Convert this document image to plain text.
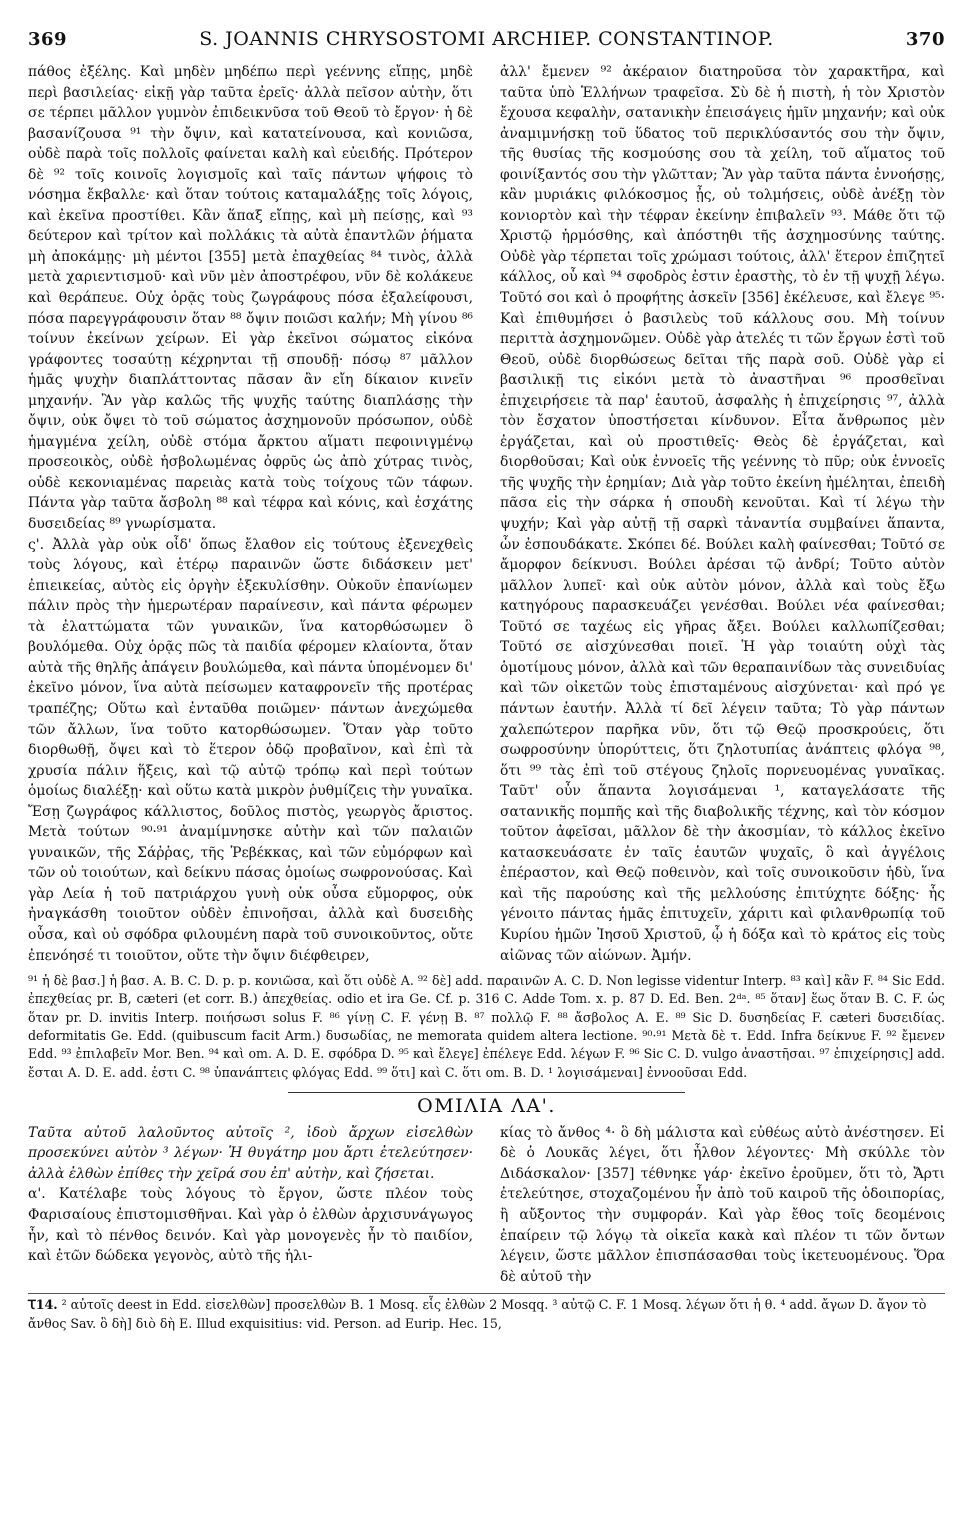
369	S. JOANNIS CHRYSOSTOMI ARCHIEP. CONSTANTINOP.	370

πάθος ἐξέλης. Καὶ μηδὲν μηδέπω περὶ γεέννης εἴπῃς, μηδὲ περὶ βασιλείας· εἰκῇ γὰρ ταῦτα ἐρεῖς· ἀλλὰ πεῖσον αὐτὴν, ὅτι σε τέρπει μᾶλλον γυμνὸν ἐπιδεικνῦσα τοῦ Θεοῦ τὸ ἔργον· ἡ δὲ βασανίζουσα ⁹¹ τὴν ὄψιν, καὶ κατατείνουσα, καὶ κονιῶσα, οὐδὲ παρὰ τοῖς πολλοῖς φαίνεται καλὴ καὶ εὐειδής. Πρότερον δὲ ⁹² τοῖς κοινοῖς λογισμοῖς καὶ ταῖς πάντων ψήφοις τὸ νόσημα ἔκβαλλε· καὶ ὅταν τούτοις καταμαλάξῃς τοῖς λόγοις, καὶ ἐκεῖνα προστίθει. Κἂν ἅπαξ εἴπῃς, καὶ μὴ πείσῃς, καὶ ⁹³ δεύτερον καὶ τρίτον καὶ πολλάκις τὰ αὐτὰ ἐπαντλῶν ῥήματα μὴ ἀποκάμῃς· μὴ μέντοι [355] μετὰ ἐπαχθείας ⁸⁴ τινὸς, ἀλλὰ μετὰ χαριεντισμοῦ· καὶ νῦν μὲν ἀποστρέφου, νῦν δὲ κολάκευε καὶ θεράπευε. Οὐχ ὁρᾷς τοὺς ζωγράφους πόσα ἐξαλείφουσι, πόσα παρεγγράφουσιν ὅταν ⁸⁸ ὄψιν ποιῶσι καλήν; Μὴ γίνου ⁸⁶ τοίνυν ἐκείνων χείρων. Εἰ γὰρ ἐκεῖνοι σώματος εἰκόνα γράφοντες τοσαύτῃ κέχρηνται τῇ σπουδῇ· πόσῳ ⁸⁷ μᾶλλον ἡμᾶς ψυχὴν διαπλάττοντας πᾶσαν ἂν εἴη δίκαιον κινεῖν μηχανήν. Ἂν γὰρ καλῶς τῆς ψυχῆς ταύτης διαπλάσῃς τὴν ὄψιν, οὐκ ὄψει τὸ τοῦ σώματος ἀσχημονοῦν πρόσωπον, οὐδὲ ἡμαγμένα χείλη, οὐδὲ στόμα ἄρκτου αἵματι πεφοινιγμένῳ προσεοικὸς, οὐδὲ ἠσβολωμένας ὀφρῦς ὡς ἀπὸ χύτρας τινὸς, οὐδὲ κεκονιαμένας παρειὰς κατὰ τοὺς τοίχους τῶν τάφων. Πάντα γὰρ ταῦτα ἄσβολη ⁸⁸ καὶ τέφρα καὶ κόνις, καὶ ἐσχάτης δυσειδείας ⁸⁹ γνωρίσματα.

ς'. Ἀλλὰ γὰρ οὐκ οἶδ' ὅπως ἔλαθον εἰς τούτους ἐξενεχθεὶς τοὺς λόγους, καὶ ἑτέρῳ παραινῶν ὥστε διδάσκειν μετ' ἐπιεικείας, αὐτὸς εἰς ὀργὴν ἐξεκυλίσθην. Οὐκοῦν ἐπανίωμεν πάλιν πρὸς τὴν ἡμερωτέραν παραίνεσιν, καὶ πάντα φέρωμεν τὰ ἐλαττώματα τῶν γυναικῶν, ἵνα κατορθώσωμεν ὃ βουλόμεθα. Οὐχ ὁρᾷς πῶς τὰ παιδία φέρομεν κλαίοντα, ὅταν αὐτὰ τῆς θηλῆς ἀπάγειν βουλώμεθα, καὶ πάντα ὑπομένομεν δι' ἐκεῖνο μόνον, ἵνα αὐτὰ πείσωμεν καταφρονεῖν τῆς προτέρας τραπέζης; Οὕτω καὶ ἐνταῦθα ποιῶμεν· πάντων ἀνεχώμεθα τῶν ἄλλων, ἵνα τοῦτο κατορθώσωμεν. Ὅταν γὰρ τοῦτο διορθωθῇ, ὄψει καὶ τὸ ἕτερον ὁδῷ προβαῖνον, καὶ ἐπὶ τὰ χρυσία πάλιν ἥξεις, καὶ τῷ αὐτῷ τρόπῳ καὶ περὶ τούτων ὁμοίως διαλέξῃ· καὶ οὕτω κατὰ μικρὸν ῥυθμίζεις τὴν γυναῖκα. Ἔσῃ ζωγράφος κάλλιστος, δοῦλος πιστὸς, γεωργὸς ἄριστος. Μετὰ τούτων ⁹⁰·⁹¹ ἀναμίμνησκε αὐτὴν καὶ τῶν παλαιῶν γυναικῶν, τῆς Σάῤῥας, τῆς Ῥεβέκκας, καὶ τῶν εὐμόρφων καὶ τῶν οὐ τοιούτων, καὶ δείκνυ πάσας ὁμοίως σωφρονούσας. Καὶ γὰρ Λεία ἡ τοῦ πατριάρχου γυνὴ οὐκ οὖσα εὔμορφος, οὐκ ἠναγκάσθη τοιοῦτον οὐδὲν ἐπινοῆσαι, ἀλλὰ καὶ δυσειδὴς οὖσα, καὶ οὐ σφόδρα φιλουμένη παρὰ τοῦ συνοικοῦντος, οὔτε ἐπενόησέ τι τοιοῦτον, οὔτε τὴν ὄψιν διέφθειρεν,

ἀλλ' ἔμενεν ⁹² ἀκέραιον διατηροῦσα τὸν χαρακτῆρα, καὶ ταῦτα ὑπὸ Ἑλλήνων τραφεῖσα. Σὺ δὲ ἡ πιστὴ, ἡ τὸν Χριστὸν ἔχουσα κεφαλὴν, σατανικὴν ἐπεισάγεις ἡμῖν μηχανήν; καὶ οὐκ ἀναμιμνήσκῃ τοῦ ὕδατος τοῦ περικλύσαντός σου τὴν ὄψιν, τῆς θυσίας τῆς κοσμούσης σου τὰ χείλη, τοῦ αἵματος τοῦ φοινίξαντός σου τὴν γλῶτταν; Ἂν γὰρ ταῦτα πάντα ἐννοήσῃς, κἂν μυριάκις φιλόκοσμος ᾖς, οὐ τολμήσεις, οὐδὲ ἀνέξῃ τὸν κονιορτὸν καὶ τὴν τέφραν ἐκείνην ἐπιβαλεῖν ⁹³. Μάθε ὅτι τῷ Χριστῷ ἡρμόσθης, καὶ ἀπόστηθι τῆς ἀσχημοσύνης ταύτης. Οὐδὲ γὰρ τέρπεται τοῖς χρώμασι τούτοις, ἀλλ' ἕτερον ἐπιζητεῖ κάλλος, οὗ καὶ ⁹⁴ σφοδρὸς ἐστιν ἐραστὴς, τὸ ἐν τῇ ψυχῇ λέγω. Τοῦτό σοι καὶ ὁ προφήτης ἀσκεῖν [356] ἐκέλευσε, καὶ ἔλεγε ⁹⁵· Καὶ ἐπιθυμήσει ὁ βασιλεὺς τοῦ κάλλους σου. Μὴ τοίνυν περιττὰ ἀσχημονῶμεν. Οὐδὲ γὰρ ἀτελές τι τῶν ἔργων ἐστὶ τοῦ Θεοῦ, οὐδὲ διορθώσεως δεῖται τῆς παρὰ σοῦ. Οὐδὲ γὰρ εἰ βασιλικῇ τις εἰκόνι μετὰ τὸ ἀναστῆναι ⁹⁶ προσθεῖναι ἐπιχειρήσειε τὰ παρ' ἑαυτοῦ, ἀσφαλὴς ἡ ἐπιχείρησις ⁹⁷, ἀλλὰ τὸν ἔσχατον ὑποστήσεται κίνδυνον. Εἶτα ἄνθρωπος μὲν ἐργάζεται, καὶ οὐ προστιθεῖς· Θεὸς δὲ ἐργάζεται, καὶ διορθοῦσαι; Καὶ οὐκ ἐννοεῖς τῆς γεέννης τὸ πῦρ; οὐκ ἐννοεῖς τῆς ψυχῆς τὴν ἐρημίαν; Διὰ γὰρ τοῦτο ἐκείνη ἠμέληται, ἐπειδὴ πᾶσα εἰς τὴν σάρκα ἡ σπουδὴ κενοῦται. Καὶ τί λέγω τὴν ψυχήν; Καὶ γὰρ αὐτῇ τῇ σαρκὶ τἀναντία συμβαίνει ἅπαντα, ὧν ἐσπουδάκατε. Σκόπει δέ. Βούλει καλὴ φαίνεσθαι; Τοῦτό σε ἄμορφον δείκνυσι. Βούλει ἀρέσαι τῷ ἀνδρί; Τοῦτο αὐτὸν μᾶλλον λυπεῖ· καὶ οὐκ αὐτὸν μόνον, ἀλλὰ καὶ τοὺς ἔξω κατηγόρους παρασκευάζει γενέσθαι. Βούλει νέα φαίνεσθαι; Τοῦτό σε ταχέως εἰς γῆρας ἄξει. Βούλει καλλωπίζεσθαι; Τοῦτό σε αἰσχύνεσθαι ποιεῖ. Ἡ γὰρ τοιαύτη οὐχὶ τὰς ὁμοτίμους μόνον, ἀλλὰ καὶ τῶν θεραπαινίδων τὰς συνειδυίας καὶ τῶν οἰκετῶν τοὺς ἐπισταμένους αἰσχύνεται· καὶ πρό γε πάντων ἑαυτήν. Ἀλλὰ τί δεῖ λέγειν ταῦτα; Τὸ γὰρ πάντων χαλεπώτερον παρῆκα νῦν, ὅτι τῷ Θεῷ προσκρούεις, ὅτι σωφροσύνην ὑπορύττεις, ὅτι ζηλοτυπίας ἀνάπτεις φλόγα ⁹⁸, ὅτι ⁹⁹ τὰς ἐπὶ τοῦ στέγους ζηλοῖς πορνευομένας γυναῖκας. Ταῦτ' οὖν ἅπαντα λογισάμεναι ¹, καταγελάσατε τῆς σατανικῆς πομπῆς καὶ τῆς διαβολικῆς τέχνης, καὶ τὸν κόσμον τοῦτον ἀφεῖσαι, μᾶλλον δὲ τὴν ἀκοσμίαν, τὸ κάλλος ἐκεῖνο κατασκευάσατε ἐν ταῖς ἑαυτῶν ψυχαῖς, ὃ καὶ ἀγγέλοις ἐπέραστον, καὶ Θεῷ ποθεινὸν, καὶ τοῖς συνοικοῦσιν ἡδὺ, ἵνα καὶ τῆς παρούσης καὶ τῆς μελλούσης ἐπιτύχητε δόξης· ἧς γένοιτο πάντας ἡμᾶς ἐπιτυχεῖν, χάριτι καὶ φιλανθρωπίᾳ τοῦ Κυρίου ἡμῶν Ἰησοῦ Χριστοῦ, ᾧ ἡ δόξα καὶ τὸ κράτος εἰς τοὺς αἰῶνας τῶν αἰώνων. Ἀμήν.

⁹¹ ἡ δὲ βασ.] ἡ βασ. A. B. C. D. p. p. κονιῶσα, καὶ ὅτι οὐδὲ A. ⁹² δὲ] add. παραινῶν A. C. D. Non legisse videntur Interp. ⁸³ καὶ] κἂν F. ⁸⁴ Sic Edd. ἐπεχθείας pr. B, cæteri (et corr. B.) ἀπεχθείας. odio et ira Ge. Cf. p. 316 C. Adde Tom. x. p. 87 D. Ed. Ben. 2ᵈᵃ. ⁸⁵ ὅταν] ἕως ὅταν B. C. F. ὡς ὅταν pr. D. invitis Interp. ποιήσωσι solus F. ⁸⁶ γίνῃ C. F. γένῃ B. ⁸⁷ πολλῷ F. ⁸⁸ ἄσβολος A. E. ⁸⁹ Sic D. δυσηδείας F. cæteri δυσειδίας. deformitatis Ge. Edd. (quibuscum facit Arm.) δυσωδίας, ne memorata quidem altera lectione. ⁹⁰·⁹¹ Μετὰ δὲ τ. Edd. Infra δείκνυε F. ⁹² ἔμενεν Edd. ⁹³ ἐπιλαβεῖν Mor. Ben. ⁹⁴ καὶ om. A. D. E. σφόδρα D. ⁹⁵ καὶ ἔλεγε] ἐπέλεγε Edd. λέγων F. ⁹⁶ Sic C. D. vulgo ἀναστῆσαι. ⁹⁷ ἐπιχείρησις] add. ἔσται A. D. E. add. ἐστι C. ⁹⁸ ὑπανάπτεις φλόγας Edd. ⁹⁹ ὅτι] καὶ C. ὅτι om. B. D. ¹ λογισάμεναι] ἐννοοῦσαι Edd.

ΟΜΙΛΙΑ ΛΑ'.

Ταῦτα αὐτοῦ λαλοῦντος αὐτοῖς ², ἰδοὺ ἄρχων εἰσελθὼν προσεκύνει αὐτὸν ³ λέγων· Ἡ θυγάτηρ μου ἄρτι ἐτελεύτησεν· ἀλλὰ ἐλθὼν ἐπίθες τὴν χεῖρά σου ἐπ' αὐτὴν, καὶ ζήσεται.

α'. Κατέλαβε τοὺς λόγους τὸ ἔργον, ὥστε πλέον τοὺς Φαρισαίους ἐπιστομισθῆναι. Καὶ γὰρ ὁ ἐλθὼν ἀρχισυνάγωγος ἦν, καὶ τὸ πένθος δεινόν. Καὶ γὰρ μονογενὲς ἦν τὸ παιδίον, καὶ ἐτῶν δώδεκα γεγονὸς, αὐτὸ τῆς ἡλι-

κίας τὸ ἄνθος ⁴· ὃ δὴ μάλιστα καὶ εὐθέως αὐτὸ ἀνέστησεν. Εἰ δὲ ὁ Λουκᾶς λέγει, ὅτι ἦλθον λέγοντες· Μὴ σκύλλε τὸν Διδάσκαλον· [357] τέθνηκε γάρ· ἐκεῖνο ἐροῦμεν, ὅτι τὸ, Ἄρτι ἐτελεύτησε, στοχαζομένου ἦν ἀπὸ τοῦ καιροῦ τῆς ὁδοιπορίας, ἢ αὔξοντος τὴν συμφοράν. Καὶ γὰρ ἔθος τοῖς δεομένοις ἐπαίρειν τῷ λόγῳ τὰ οἰκεῖα κακὰ καὶ πλέον τι τῶν ὄντων λέγειν, ὥστε μᾶλλον ἐπισπάσασθαι τοὺς ἱκετευομένους. Ὅρα δὲ αὐτοῦ τὴν

Ꚍ14. ² αὐτοῖς deest in Edd. εἰσελθὼν] προσελθὼν B. 1 Mosq. εἷς ἐλθὼν 2 Mosqq. ³ αὐτῷ C. F. 1 Mosq. λέγων ὅτι ἡ θ. ⁴ add. ἄγων D. ἄγον τὸ ἄνθος Sav. ὃ δὴ] διὸ δὴ E. Illud exquisitius: vid. Person. ad Eurip. Hec. 15,
